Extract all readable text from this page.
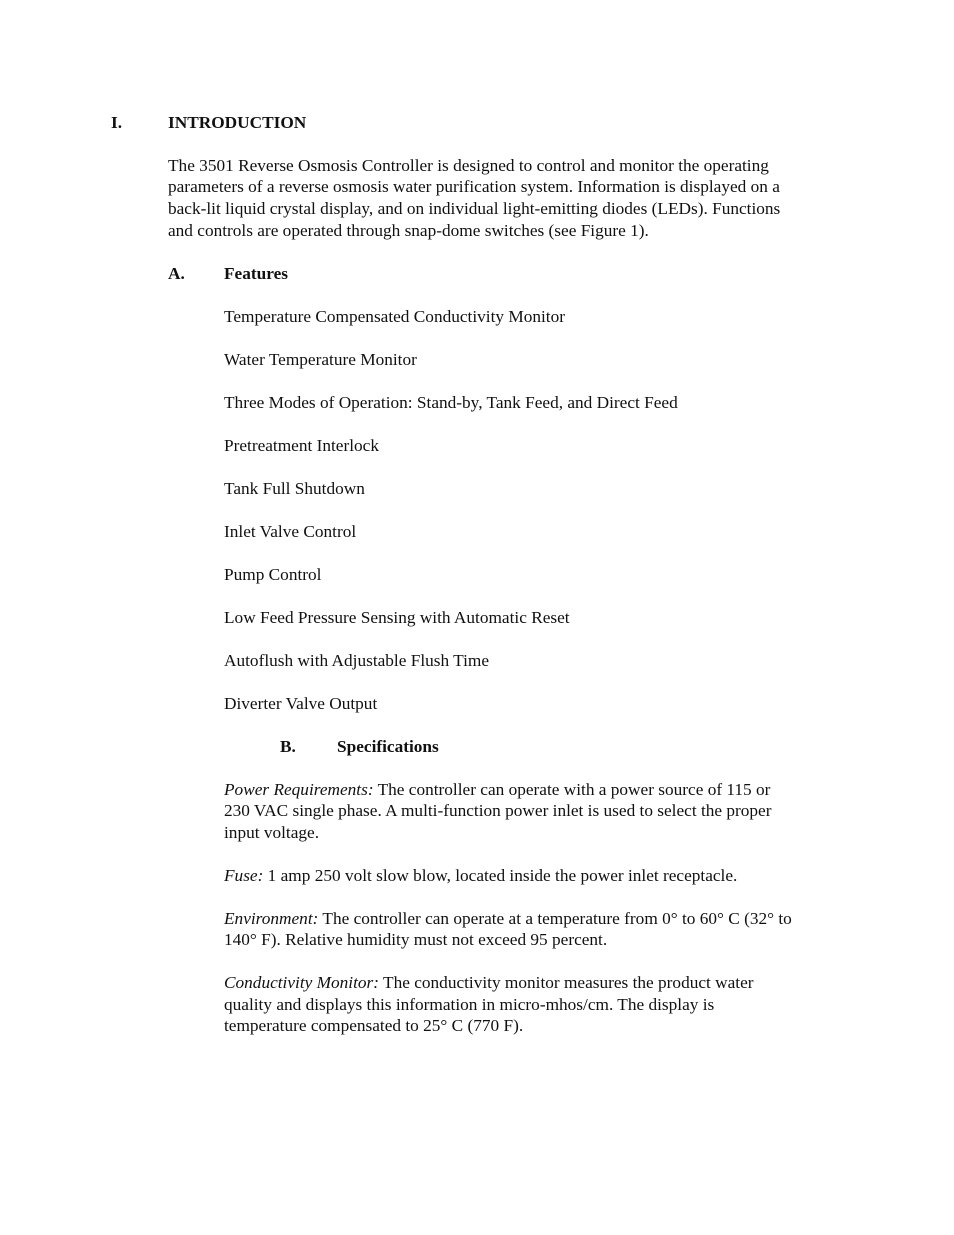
I.	INTRODUCTION
The 3501 Reverse Osmosis Controller is designed to control and monitor the operating
parameters of a reverse osmosis water purification system. Information is displayed on a
back-lit liquid crystal display, and on individual light-emitting diodes (LEDs). Functions
and controls are operated through snap-dome switches (see Figure 1).
A. Features
Temperature Compensated Conductivity Monitor
Water Temperature Monitor
Three Modes of Operation: Stand-by, Tank Feed, and Direct Feed
Pretreatment Interlock
Tank Full Shutdown
Inlet Valve Control
Pump Control
Low Feed Pressure Sensing with Automatic Reset
Autoflush with Adjustable Flush Time
Diverter Valve Output
B. Specifications
Power Requirements: The controller can operate with a power source of 115 or
230 VAC single phase. A multi-function power inlet is used to select the proper
input voltage.
Fuse: 1 amp 250 volt slow blow, located inside the power inlet receptacle.
Environment: The controller can operate at a temperature from 0° to 60° C (32° to
140° F). Relative humidity must not exceed 95 percent.
Conductivity Monitor: The conductivity monitor measures the product water
quality and displays this information in micro-mhos/cm. The display is
temperature compensated to 25° C (770 F).
